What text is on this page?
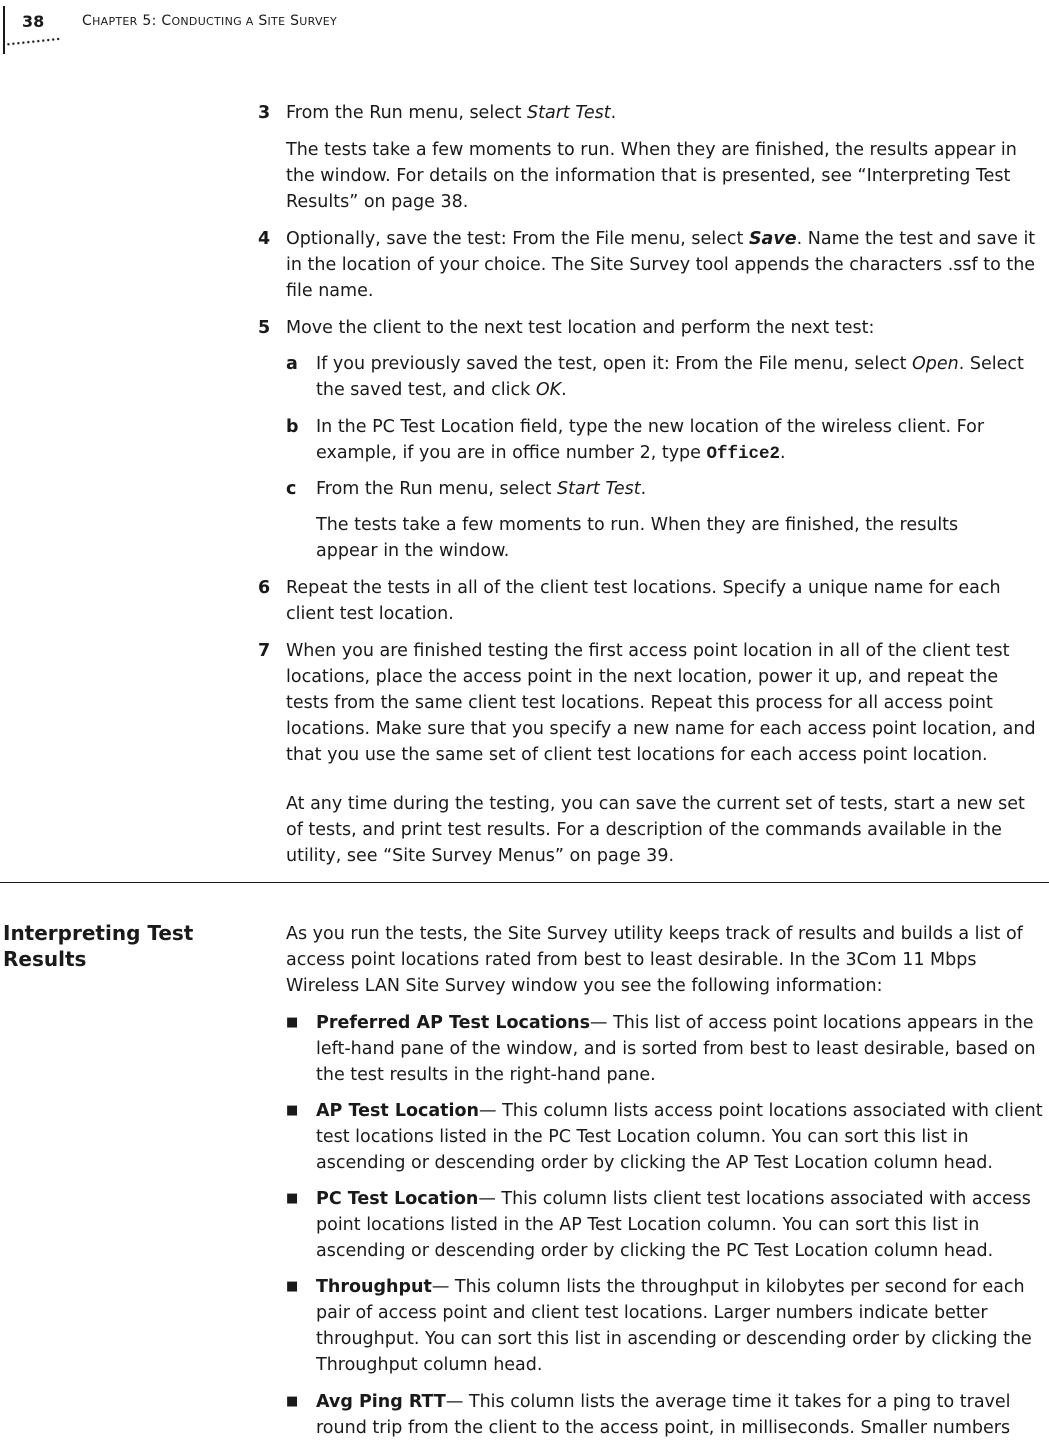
38	CHAPTER 5: CONDUCTING A SITE SURVEY
3 From the Run menu, select Start Test.
The tests take a few moments to run. When they are finished, the results appear in the window. For details on the information that is presented, see “Interpreting Test Results” on page 38.
4 Optionally, save the test: From the File menu, select Save. Name the test and save it in the location of your choice. The Site Survey tool appends the characters .ssf to the file name.
5 Move the client to the next test location and perform the next test:
a If you previously saved the test, open it: From the File menu, select Open. Select the saved test, and click OK.
b In the PC Test Location field, type the new location of the wireless client. For example, if you are in office number 2, type Office2.
c From the Run menu, select Start Test.
The tests take a few moments to run. When they are finished, the results appear in the window.
6 Repeat the tests in all of the client test locations. Specify a unique name for each client test location.
7 When you are finished testing the first access point location in all of the client test locations, place the access point in the next location, power it up, and repeat the tests from the same client test locations. Repeat this process for all access point locations. Make sure that you specify a new name for each access point location, and that you use the same set of client test locations for each access point location.
At any time during the testing, you can save the current set of tests, start a new set of tests, and print test results. For a description of the commands available in the utility, see “Site Survey Menus” on page 39.
Interpreting Test Results
As you run the tests, the Site Survey utility keeps track of results and builds a list of access point locations rated from best to least desirable. In the 3Com 11 Mbps Wireless LAN Site Survey window you see the following information:
■ Preferred AP Test Locations— This list of access point locations appears in the left-hand pane of the window, and is sorted from best to least desirable, based on the test results in the right-hand pane.
■ AP Test Location— This column lists access point locations associated with client test locations listed in the PC Test Location column. You can sort this list in ascending or descending order by clicking the AP Test Location column head.
■ PC Test Location— This column lists client test locations associated with access point locations listed in the AP Test Location column. You can sort this list in ascending or descending order by clicking the PC Test Location column head.
■ Throughput— This column lists the throughput in kilobytes per second for each pair of access point and client test locations. Larger numbers indicate better throughput. You can sort this list in ascending or descending order by clicking the Throughput column head.
■ Avg Ping RTT— This column lists the average time it takes for a ping to travel round trip from the client to the access point, in milliseconds. Smaller numbers
